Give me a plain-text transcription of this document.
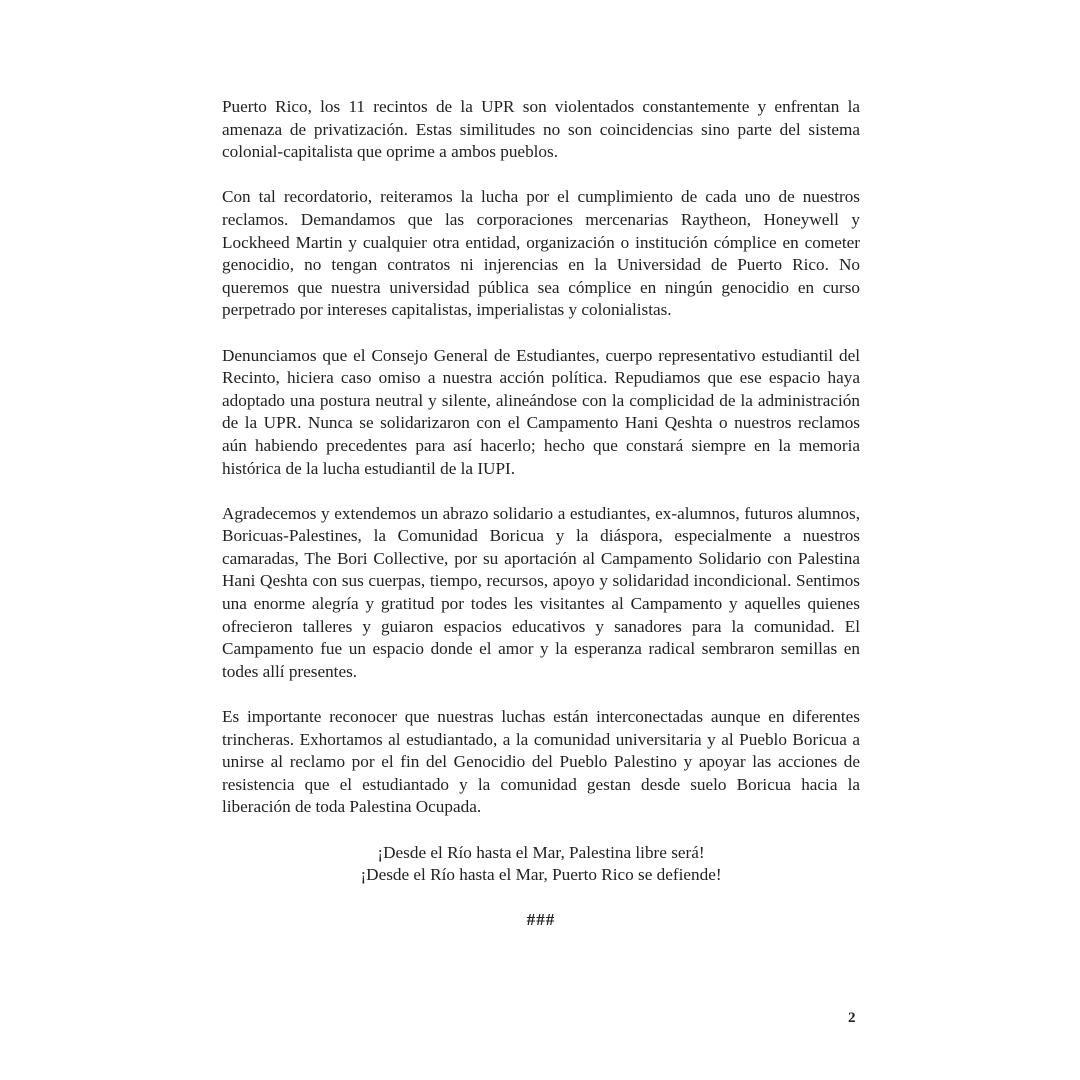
Puerto Rico, los 11 recintos de la UPR son violentados constantemente y enfrentan la amenaza de privatización. Estas similitudes no son coincidencias sino parte del sistema colonial-capitalista que oprime a ambos pueblos.

Con tal recordatorio, reiteramos la lucha por el cumplimiento de cada uno de nuestros reclamos. Demandamos que las corporaciones mercenarias Raytheon, Honeywell y Lockheed Martin y cualquier otra entidad, organización o institución cómplice en cometer genocidio, no tengan contratos ni injerencias en la Universidad de Puerto Rico. No queremos que nuestra universidad pública sea cómplice en ningún genocidio en curso perpetrado por intereses capitalistas, imperialistas y colonialistas.

Denunciamos que el Consejo General de Estudiantes, cuerpo representativo estudiantil del Recinto, hiciera caso omiso a nuestra acción política. Repudiamos que ese espacio haya adoptado una postura neutral y silente, alineándose con la complicidad de la administración de la UPR. Nunca se solidarizaron con el Campamento Hani Qeshta o nuestros reclamos aún habiendo precedentes para así hacerlo; hecho que constará siempre en la memoria histórica de la lucha estudiantil de la IUPI.

Agradecemos y extendemos un abrazo solidario a estudiantes, ex-alumnos, futuros alumnos, Boricuas-Palestines, la Comunidad Boricua y la diáspora, especialmente a nuestros camaradas, The Bori Collective, por su aportación al Campamento Solidario con Palestina Hani Qeshta con sus cuerpas, tiempo, recursos, apoyo y solidaridad incondicional. Sentimos una enorme alegría y gratitud por todes les visitantes al Campamento y aquelles quienes ofrecieron talleres y guiaron espacios educativos y sanadores para la comunidad. El Campamento fue un espacio donde el amor y la esperanza radical sembraron semillas en todes allí presentes.

Es importante reconocer que nuestras luchas están interconectadas aunque en diferentes trincheras. Exhortamos al estudiantado, a la comunidad universitaria y al Pueblo Boricua a unirse al reclamo por el fin del Genocidio del Pueblo Palestino y apoyar las acciones de resistencia que el estudiantado y la comunidad gestan desde suelo Boricua hacia la liberación de toda Palestina Ocupada.

¡Desde el Río hasta el Mar, Palestina libre será!
¡Desde el Río hasta el Mar, Puerto Rico se defiende!
###
2
